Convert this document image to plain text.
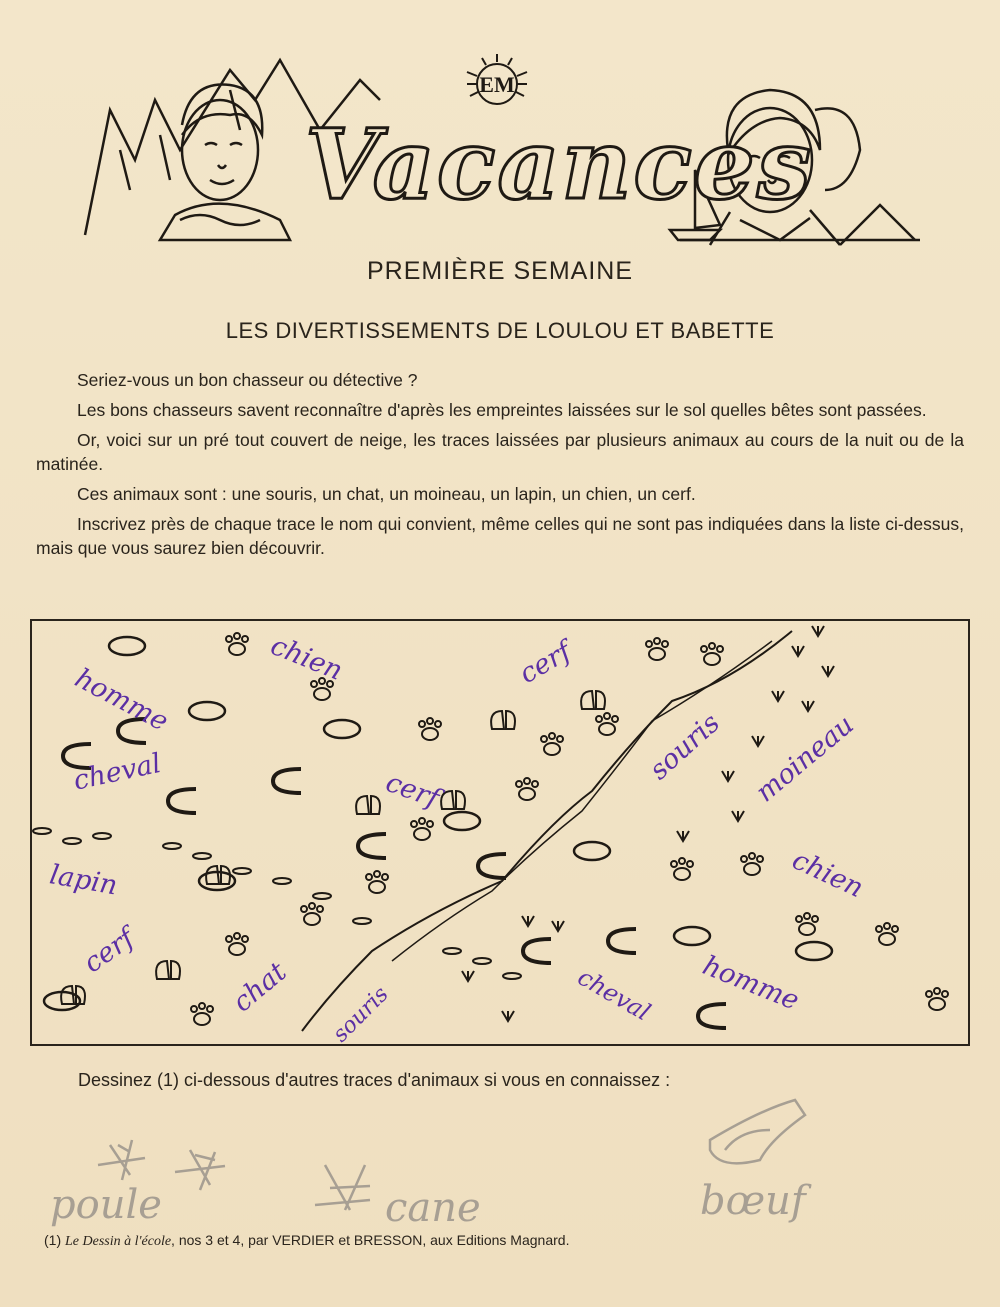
EM
Vacances
PREMIÈRE SEMAINE
LES DIVERTISSEMENTS DE LOULOU ET BABETTE

Seriez-vous un bon chasseur ou détective ?

Les bons chasseurs savent reconnaître d'après les empreintes laissées sur le sol quelles bêtes sont passées.

Or, voici sur un pré tout couvert de neige, les traces laissées par plusieurs animaux au cours de la nuit ou de la matinée.

Ces animaux sont : une souris, un chat, un moineau, un lapin, un chien, un cerf.

Inscrivez près de chaque trace le nom qui convient, même celles qui ne sont pas indiquées dans la liste ci-dessus, mais que vous saurez bien découvrir.

chien
homme
cheval
cerf
cerf
souris moineau
chien
lapin
cerf
chat souris	cheval homme
Dessinez (1) ci-dessous d'autres traces d'animaux si vous en connaissez :
poule	cane	bœuf
(1) Le Dessin à l'école, nos 3 et 4, par VERDIER et BRESSON, aux Editions Magnard.
